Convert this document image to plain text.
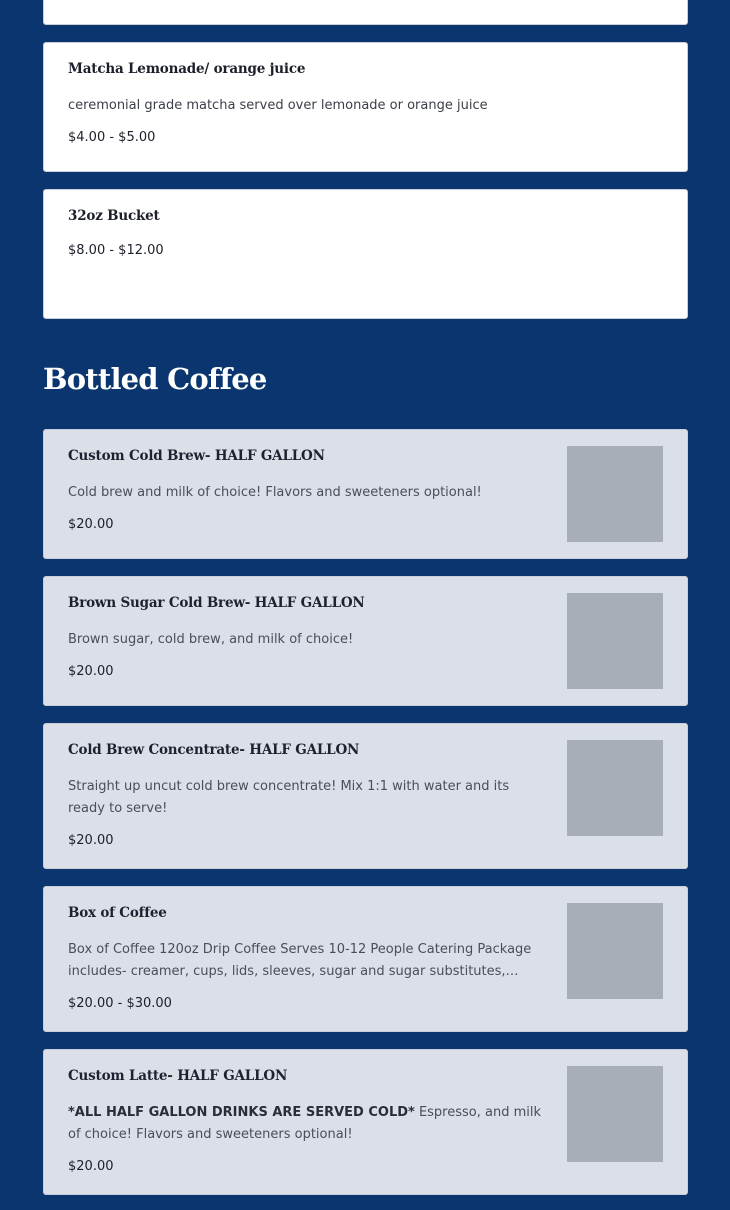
Matcha Lemonade/ orange juice
ceremonial grade matcha served over lemonade or orange juice
$4.00 - $5.00
32oz Bucket
$8.00 - $12.00
Bottled Coffee
Custom Cold Brew- HALF GALLON
Cold brew and milk of choice! Flavors and sweeteners optional!
$20.00
Brown Sugar Cold Brew- HALF GALLON
Brown sugar, cold brew, and milk of choice!
$20.00
Cold Brew Concentrate- HALF GALLON
Straight up uncut cold brew concentrate! Mix 1:1 with water and its ready to serve!
$20.00
Box of Coffee
Box of Coffee 120oz Drip Coffee Serves 10-12 People Catering Package includes- creamer, cups, lids, sleeves, sugar and sugar substitutes,
$20.00 - $30.00
Custom Latte- HALF GALLON
*ALL HALF GALLON DRINKS ARE SERVED COLD* Espresso, and milk of choice! Flavors and sweeteners optional!
$20.00
